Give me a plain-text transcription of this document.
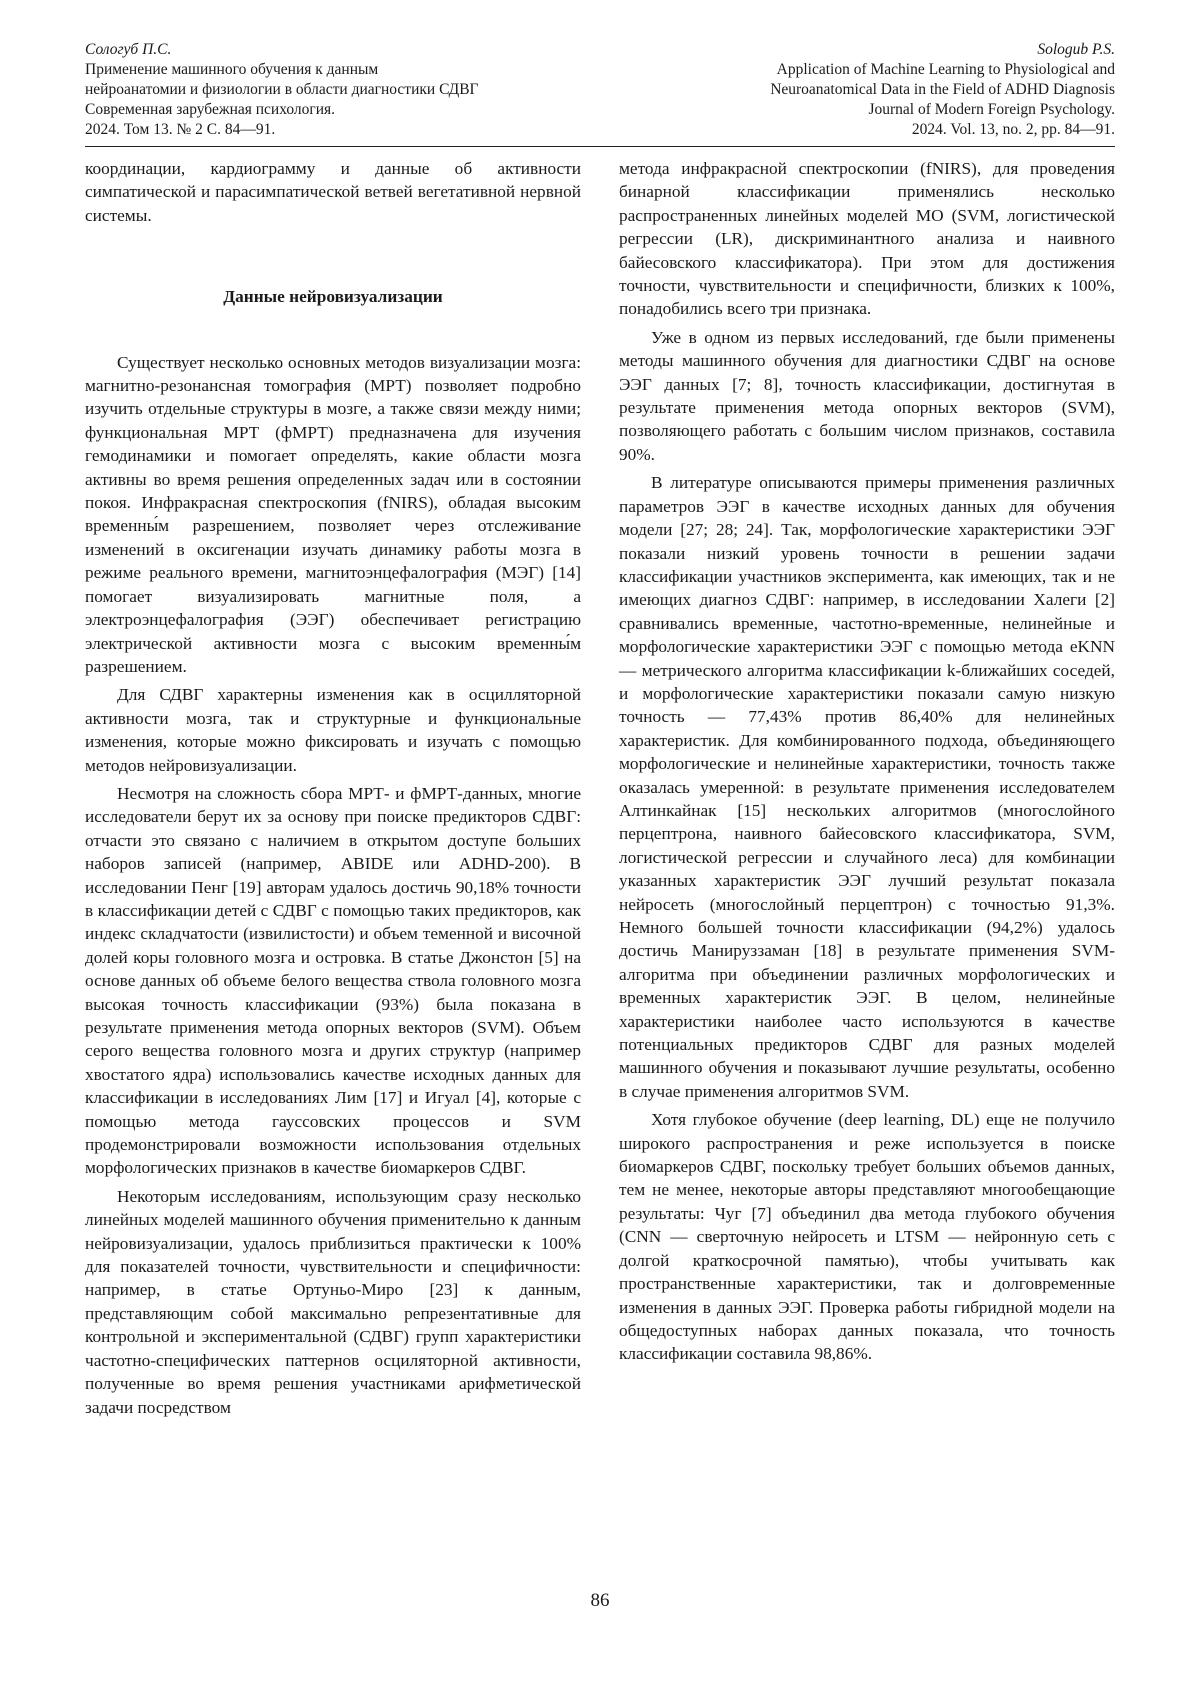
Сологуб П.С.
Применение машинного обучения к данным
нейроанатомии и физиологии в области диагностики СДВГ
Современная зарубежная психология.
2024. Том 13. № 2 С. 84—91.
Sologub P.S.
Application of Machine Learning to Physiological and
Neuroanatomical Data in the Field of ADHD Diagnosis
Journal of Modern Foreign Psychology.
2024. Vol. 13, no. 2, pp. 84—91.

координации, кардиограмму и данные об активности симпатической и парасимпатической ветвей вегетативной нервной системы.

Данные нейровизуализации

Существует несколько основных методов визуализации мозга: магнитно-резонансная томография (МРТ) позволяет подробно изучить отдельные структуры в мозге, а также связи между ними; функциональная МРТ (фМРТ) предназначена для изучения гемодинамики и помогает определять, какие области мозга активны во время решения определенных задач или в состоянии покоя. Инфракрасная спектроскопия (fNIRS), обладая высоким временны́м разрешением, позволяет через отслеживание изменений в оксигенации изучать динамику работы мозга в режиме реального времени, магнитоэнцефалография (МЭГ) [14] помогает визуализировать магнитные поля, а электроэнцефалография (ЭЭГ) обеспечивает регистрацию электрической активности мозга с высоким временны́м разрешением.

Для СДВГ характерны изменения как в осцилляторной активности мозга, так и структурные и функциональные изменения, которые можно фиксировать и изучать с помощью методов нейровизуализации.

Несмотря на сложность сбора МРТ- и фМРТ-данных, многие исследователи берут их за основу при поиске предикторов СДВГ: отчасти это связано с наличием в открытом доступе больших наборов записей (например, ABIDE или ADHD-200). В исследовании Пенг [19] авторам удалось достичь 90,18% точности в классификации детей с СДВГ с помощью таких предикторов, как индекс складчатости (извилистости) и объем теменной и височной долей коры головного мозга и островка. В статье Джонстон [5] на основе данных об объеме белого вещества ствола головного мозга высокая точность классификации (93%) была показана в результате применения метода опорных векторов (SVM). Объем серого вещества головного мозга и других структур (например хвостатого ядра) использовались качестве исходных данных для классификации в исследованиях Лим [17] и Игуал [4], которые с помощью метода гауссовских процессов и SVM продемонстрировали возможности использования отдельных морфологических признаков в качестве биомаркеров СДВГ.

Некоторым исследованиям, использующим сразу несколько линейных моделей машинного обучения применительно к данным нейровизуализации, удалось приблизиться практически к 100% для показателей точности, чувствительности и специфичности: например, в статье Ортуньо-Миро [23] к данным, представляющим собой максимально репрезентативные для контрольной и экспериментальной (СДВГ) групп характеристики частотно-специфических паттернов осциляторной активности, полученные во время решения участниками арифметической задачи посредством

метода инфракрасной спектроскопии (fNIRS), для проведения бинарной классификации применялись несколько распространенных линейных моделей МО (SVM, логистической регрессии (LR), дискриминантного анализа и наивного байесовского классификатора). При этом для достижения точности, чувствительности и специфичности, близких к 100%, понадобились всего три признака.

Уже в одном из первых исследований, где были применены методы машинного обучения для диагностики СДВГ на основе ЭЭГ данных [7; 8], точность классификации, достигнутая в результате применения метода опорных векторов (SVM), позволяющего работать с большим числом признаков, составила 90%.

В литературе описываются примеры применения различных параметров ЭЭГ в качестве исходных данных для обучения модели [27; 28; 24]. Так, морфологические характеристики ЭЭГ показали низкий уровень точности в решении задачи классификации участников эксперимента, как имеющих, так и не имеющих диагноз СДВГ: например, в исследовании Халеги [2] сравнивались временные, частотно-временные, нелинейные и морфологические характеристики ЭЭГ с помощью метода eKNN — метрического алгоритма классификации k-ближайших соседей, и морфологические характеристики показали самую низкую точность — 77,43% против 86,40% для нелинейных характеристик. Для комбинированного подхода, объединяющего морфологические и нелинейные характеристики, точность также оказалась умеренной: в результате применения исследователем Алтинкайнак [15] нескольких алгоритмов (многослойного перцептрона, наивного байесовского классификатора, SVM, логистической регрессии и случайного леса) для комбинации указанных характеристик ЭЭГ лучший результат показала нейросеть (многослойный перцептрон) с точностью 91,3%. Немного большей точности классификации (94,2%) удалось достичь Манируззаман [18] в результате применения SVM-алгоритма при объединении различных морфологических и временных характеристик ЭЭГ. В целом, нелинейные характеристики наиболее часто используются в качестве потенциальных предикторов СДВГ для разных моделей машинного обучения и показывают лучшие результаты, особенно в случае применения алгоритмов SVM.

Хотя глубокое обучение (deep learning, DL) еще не получило широкого распространения и реже используется в поиске биомаркеров СДВГ, поскольку требует больших объемов данных, тем не менее, некоторые авторы представляют многообещающие результаты: Чуг [7] объединил два метода глубокого обучения (CNN — сверточную нейросеть и LTSM — нейронную сеть с долгой краткосрочной памятью), чтобы учитывать как пространственные характеристики, так и долговременные изменения в данных ЭЭГ. Проверка работы гибридной модели на общедоступных наборах данных показала, что точность классификации составила 98,86%.

86
